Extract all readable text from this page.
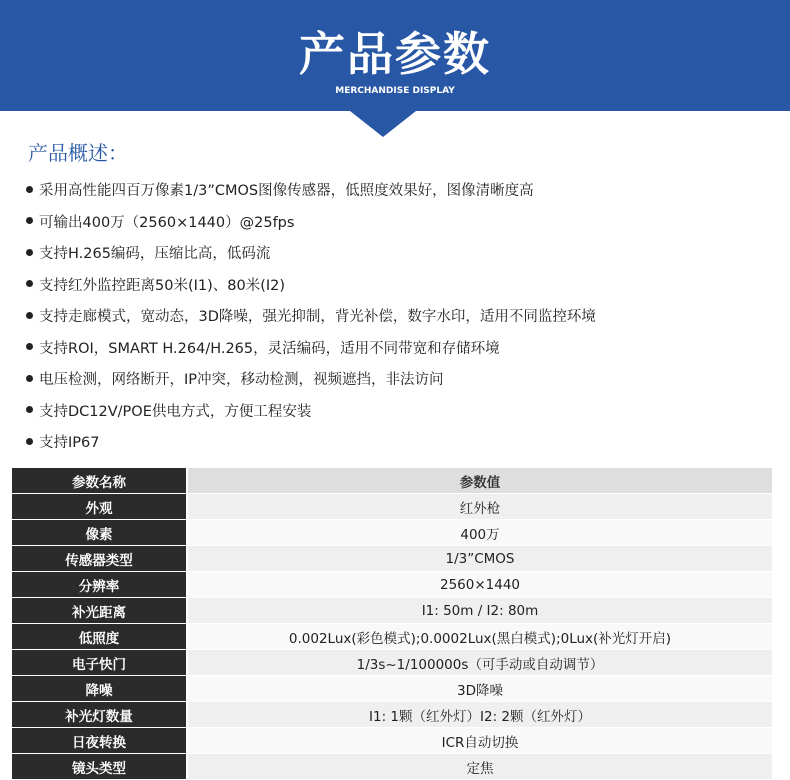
产品参数
MERCHANDISE DISPLAY
产品概述：
采用高性能四百万像素1/3”CMOS图像传感器，低照度效果好，图像清晰度高
可输出400万（2560×1440）@25fps
支持H.265编码，压缩比高，低码流
支持红外监控距离50米(I1)、80米(I2)
支持走廊模式，宽动态，3D降噪，强光抑制，背光补偿，数字水印，适用不同监控环境
支持ROI，SMART H.264/H.265，灵活编码，适用不同带宽和存储环境
电压检测，网络断开，IP冲突，移动检测，视频遮挡，非法访问
支持DC12V/POE供电方式，方便工程安装
支持IP67
参数名称	参数值
外观	红外枪
像素	400万
传感器类型	1/3”CMOS
分辨率	2560×1440
补光距离	I1: 50m / I2: 80m
低照度	0.002Lux(彩色模式);0.0002Lux(黑白模式);0Lux(补光灯开启)
电子快门	1/3s~1/100000s（可手动或自动调节）
降噪	3D降噪
补光灯数量	I1: 1颗（红外灯）I2: 2颗（红外灯）
日夜转换	ICR自动切换
镜头类型	定焦
